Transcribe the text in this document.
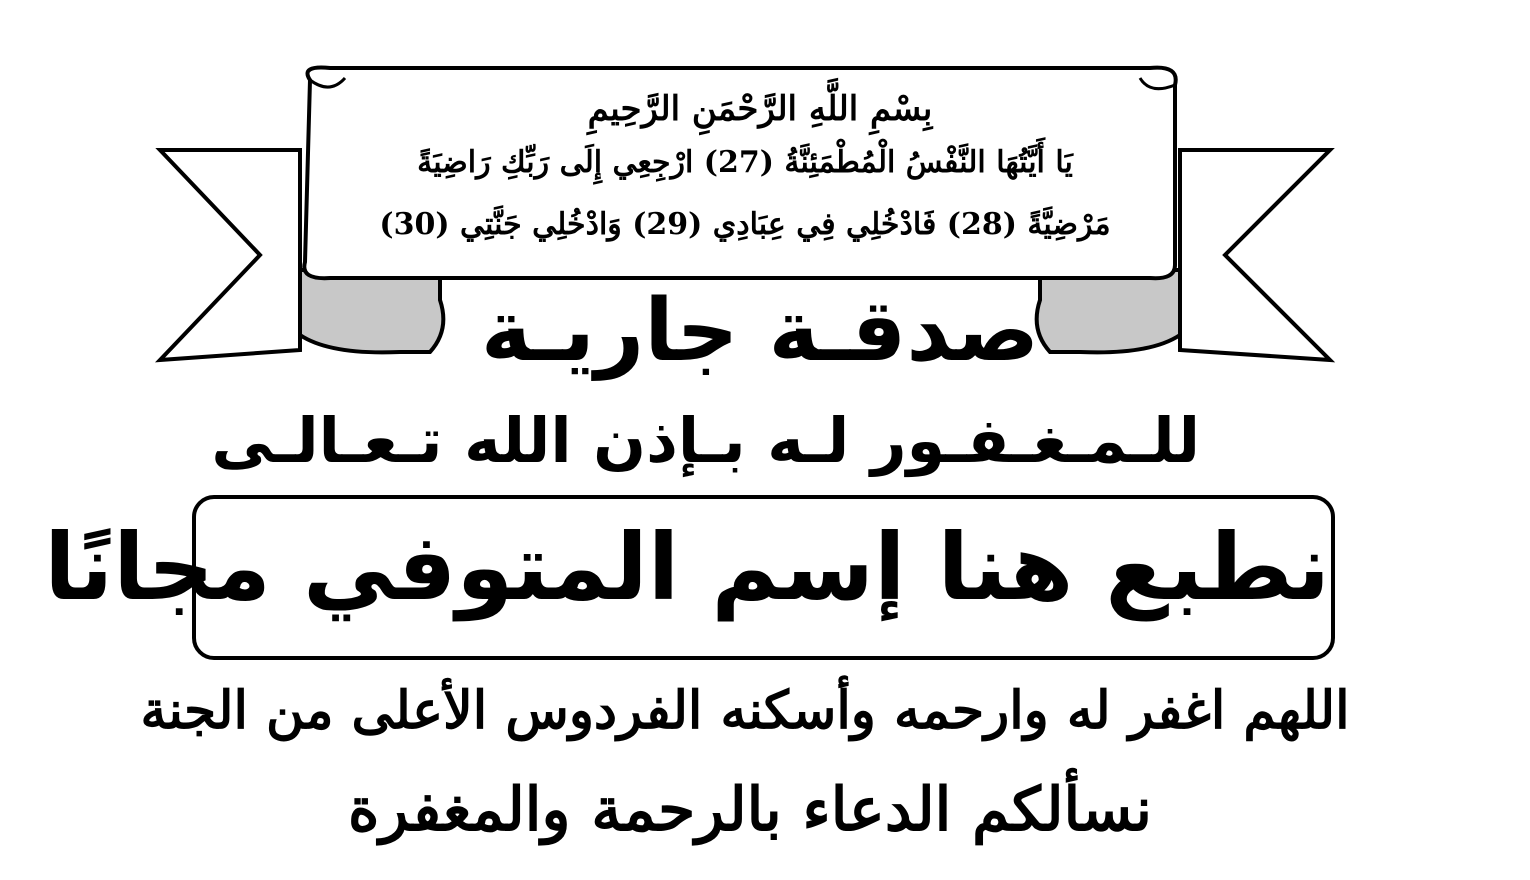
بِسْمِ اللَّهِ الرَّحْمَنِ الرَّحِيمِ
يَا أَيَّتُهَا النَّفْسُ الْمُطْمَئِنَّةُ (27) ارْجِعِي إِلَى رَبِّكِ رَاضِيَةً
مَرْضِيَّةً (28) فَادْخُلِي فِي عِبَادِي (29) وَادْخُلِي جَنَّتِي (30)
صدقـة جاريـة
للـمـغـفـور لـه بـإذن الله تـعـالـى
نطبع هنا إسم المتوفي مجانًا
اللهم اغفر له وارحمه وأسكنه الفردوس الأعلى من الجنة
نسألكم الدعاء بالرحمة والمغفرة
